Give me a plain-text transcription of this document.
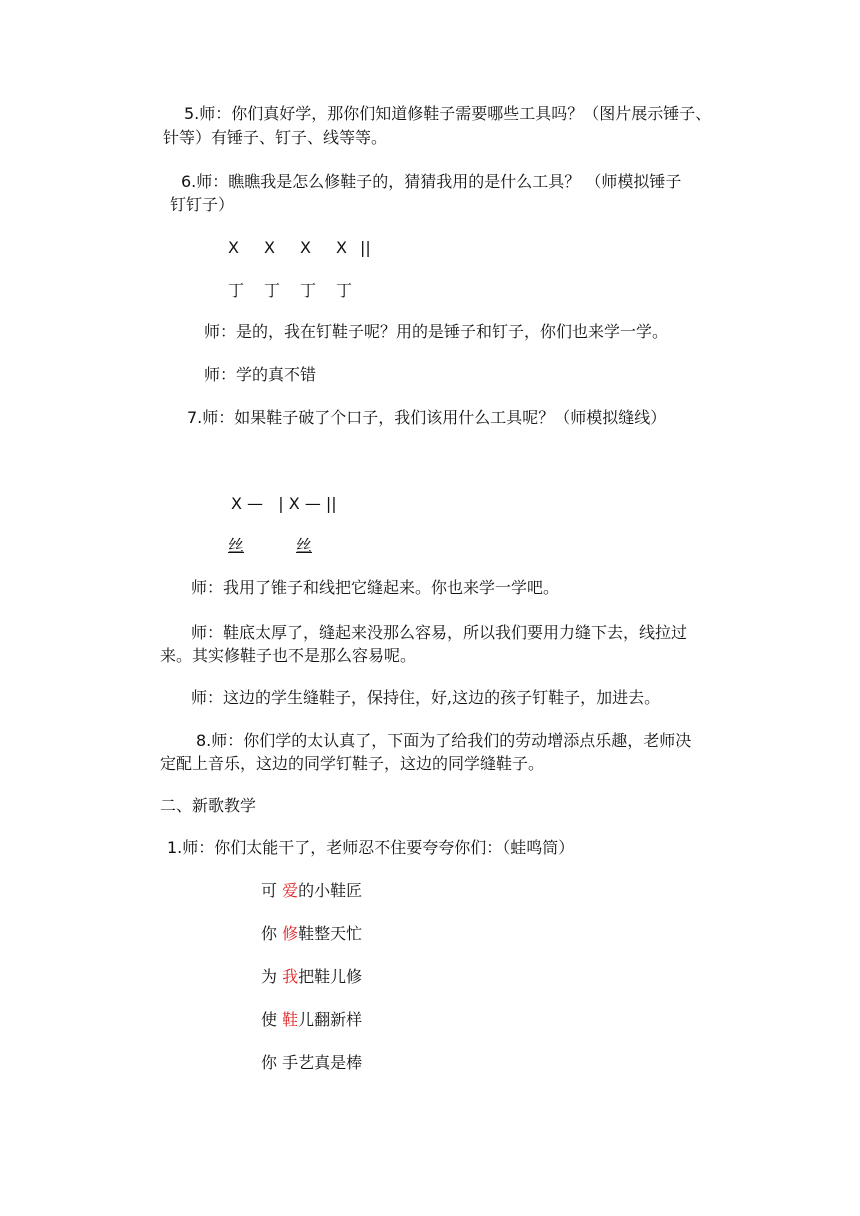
5.师：你们真好学，那你们知道修鞋子需要哪些工具吗？（图片展示锤子、
针等）有锤子、钉子、线等等。
6.师：瞧瞧我是怎么修鞋子的，猜猜我用的是什么工具？ （师模拟锤子
钉钉子）
X X X X ||
丁 丁 丁 丁
师：是的，我在钉鞋子呢？用的是锤子和钉子，你们也来学一学。
师：学的真不错
7.师：如果鞋子破了个口子，我们该用什么工具呢？（师模拟缝线）
X —   | X — ||
丝	丝
师：我用了锥子和线把它缝起来。你也来学一学吧。
师：鞋底太厚了，缝起来没那么容易，所以我们要用力缝下去，线拉过
来。其实修鞋子也不是那么容易呢。
师：这边的学生缝鞋子，保持住，好,这边的孩子钉鞋子，加进去。
8.师：你们学的太认真了，下面为了给我们的劳动增添点乐趣，老师决
定配上音乐，这边的同学钉鞋子，这边的同学缝鞋子。
二、新歌教学
1.师：你们太能干了，老师忍不住要夸夸你们：（蛙鸣筒）
可 爱的小鞋匠
你 修鞋整天忙
为 我把鞋儿修
使 鞋儿翻新样
你 手艺真是棒
